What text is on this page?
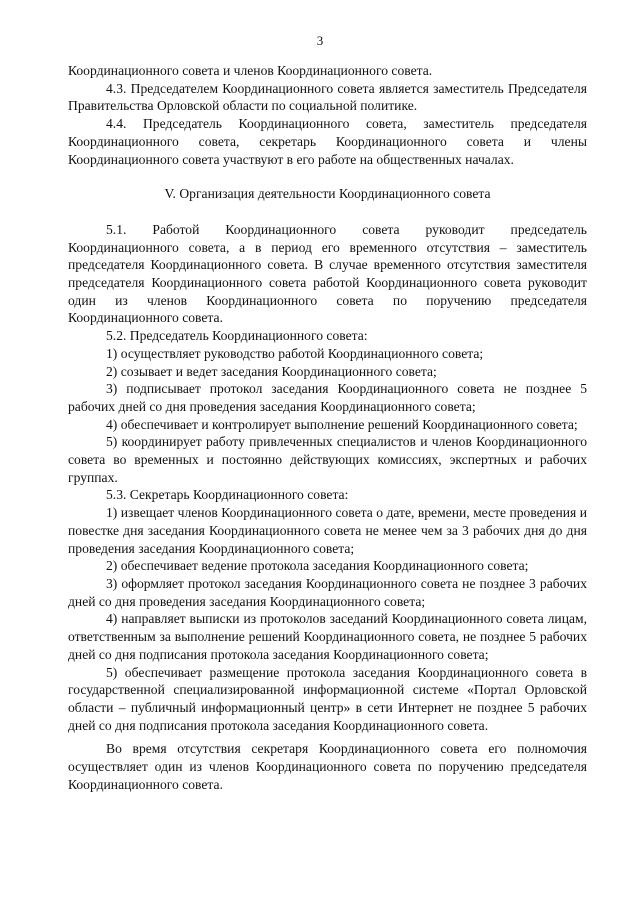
3

Координационного совета и членов Координационного совета.

4.3. Председателем Координационного совета является заместитель Председателя Правительства Орловской области по социальной политике.

4.4. Председатель Координационного совета, заместитель председателя Координационного совета, секретарь Координационного совета и члены Координационного совета участвуют в его работе на общественных началах.

V. Организация деятельности Координационного совета

5.1. Работой Координационного совета руководит председатель Координационного совета, а в период его временного отсутствия – заместитель председателя Координационного совета. В случае временного отсутствия заместителя председателя Координационного совета работой Координационного совета руководит один из членов Координационного совета по поручению председателя Координационного совета.

5.2. Председатель Координационного совета:

1) осуществляет руководство работой Координационного совета;

2) созывает и ведет заседания Координационного совета;

3) подписывает протокол заседания Координационного совета не позднее 5 рабочих дней со дня проведения заседания Координационного совета;

4) обеспечивает и контролирует выполнение решений Координационного совета;

5) координирует работу привлеченных специалистов и членов Координационного совета во временных и постоянно действующих комиссиях, экспертных и рабочих группах.

5.3. Секретарь Координационного совета:

1) извещает членов Координационного совета о дате, времени, месте проведения и повестке дня заседания Координационного совета не менее чем за 3 рабочих дня до дня проведения заседания Координационного совета;

2) обеспечивает ведение протокола заседания Координационного совета;

3) оформляет протокол заседания Координационного совета не позднее 3 рабочих дней со дня проведения заседания Координационного совета;

4) направляет выписки из протоколов заседаний Координационного совета лицам, ответственным за выполнение решений Координационного совета, не позднее 5 рабочих дней со дня подписания протокола заседания Координационного совета;

5) обеспечивает размещение протокола заседания Координационного совета в государственной специализированной информационной системе «Портал Орловской области – публичный информационный центр» в сети Интернет не позднее 5 рабочих дней со дня подписания протокола заседания Координационного совета.

Во время отсутствия секретаря Координационного совета его полномочия осуществляет один из членов Координационного совета по поручению председателя Координационного совета.
